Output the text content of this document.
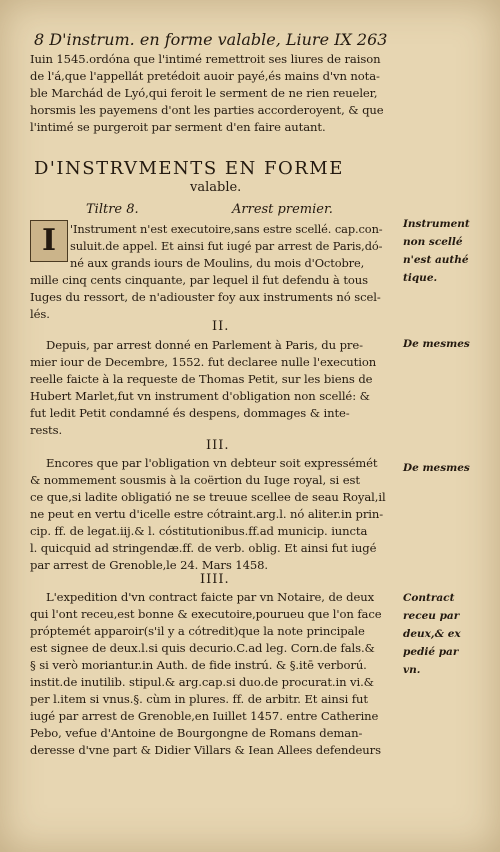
8 D'instrum. en forme valable, Liure IX 263
Iuin 1545.ordóna que l'intimé remettroit ses liures de raison
de l'á,que l'appellát pretédoit auoir payé,és mains d'vn nota-
ble Marchád de Lyó,qui feroit le serment de ne rien reueler,
horsmis les payemens d'ont les parties accorderoyent, & que
l'intimé se purgeroit par serment d'en faire autant.
D'INSTRVMENTS EN FORME
valable.
Tiltre 8.	Arrest premier.
I	'Instrument n'est executoire,sans estre scellé. cap.con-
suluit.de appel. Et ainsi fut iugé par arrest de Paris,dó-
né aux grands iours de Moulins, du mois d'Octobre,
mille cinq cents cinquante, par lequel il fut defendu à tous
Iuges du ressort, de n'adiouster foy aux instruments nó scel-
lés.
Instrument
non scellé
n'est authé
tique.
II.
Depuis, par arrest donné en Parlement à Paris, du pre-
mier iour de Decembre, 1552. fut declaree nulle l'execution
reelle faicte à la requeste de Thomas Petit, sur les biens de
Hubert Marlet,fut vn instrument d'obligation non scellé: &
fut ledit Petit condamné és despens, dommages & inte-
rests.
De mesmes
III.
Encores que par l'obligation vn debteur soit expressémét
& nommement sousmis à la coërtion du Iuge royal, si est
ce que,si ladite obligatió ne se treuue scellee de seau Royal,il
ne peut en vertu d'icelle estre cótraint.arg.l. nó aliter.in prin-
cip. ff. de legat.iij.& l. cóstitutionibus.ff.ad municip. iuncta
l. quicquid ad stringendæ.ff. de verb. oblig. Et ainsi fut iugé
par arrest de Grenoble,le 24. Mars 1458.
De mesmes
IIII.
L'expedition d'vn contract faicte par vn Notaire, de deux
qui l'ont receu,est bonne & executoire,pourueu que l'on face
próptemét apparoir(s'il y a cótredit)que la note principale
est signee de deux.l.si quis decurio.C.ad leg. Corn.de fals.&
§ si verò moriantur.in Auth. de fide instrú. & §.itē verború.
instit.de inutilib. stipul.& arg.cap.si duo.de procurat.in vi.&
per l.item si vnus.§. cùm in plures. ff. de arbitr. Et ainsi fut
iugé par arrest de Grenoble,en Iuillet 1457. entre Catherine
Pebo, vefue d'Antoine de Bourgongne de Romans deman-
deresse d'vne part & Didier Villars & Iean Allees defendeurs
Contract
receu par
deux,& ex
pedié par
vn.
